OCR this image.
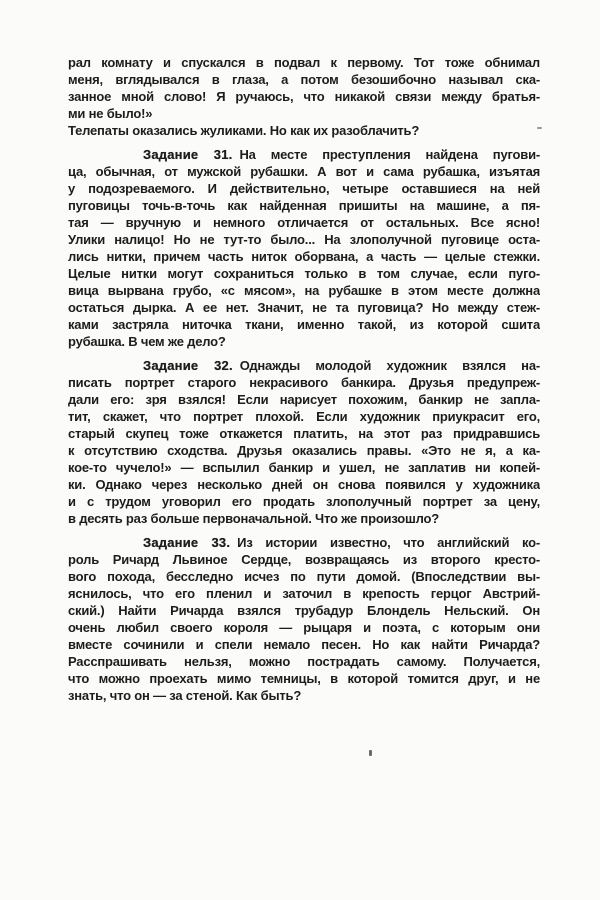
рал комнату и спускался в подвал к первому. Тот тоже обнимал
меня, вглядывался в глаза, а потом безошибочно называл ска-
занное мной слово! Я ручаюсь, что никакой связи между братья-
ми не было!»
Телепаты оказались жуликами. Но как их разоблачить?
Задание 31. На месте преступления найдена пугови-
ца, обычная, от мужской рубашки. А вот и сама рубашка, изъятая
у подозреваемого. И действительно, четыре оставшиеся на ней
пуговицы точь-в-точь как найденная пришиты на машине, а пя-
тая — вручную и немного отличается от остальных. Все ясно!
Улики налицо! Но не тут-то было... На злополучной пуговице оста-
лись нитки, причем часть ниток оборвана, а часть — целые стежки.
Целые нитки могут сохраниться только в том случае, если пуго-
вица вырвана грубо, «с мясом», на рубашке в этом месте должна
остаться дырка. А ее нет. Значит, не та пуговица? Но между стеж-
ками застряла ниточка ткани, именно такой, из которой сшита
рубашка. В чем же дело?
Задание 32. Однажды молодой художник взялся на-
писать портрет старого некрасивого банкира. Друзья предупреж-
дали его: зря взялся! Если нарисует похожим, банкир не запла-
тит, скажет, что портрет плохой. Если художник приукрасит его,
старый скупец тоже откажется платить, на этот раз придравшись
к отсутствию сходства. Друзья оказались правы. «Это не я, а ка-
кое-то чучело!» — вспылил банкир и ушел, не заплатив ни копей-
ки. Однако через несколько дней он снова появился у художника
и с трудом уговорил его продать злополучный портрет за цену,
в десять раз больше первоначальной. Что же произошло?
Задание 33. Из истории известно, что английский ко-
роль Ричард Львиное Сердце, возвращаясь из второго кресто-
вого похода, бесследно исчез по пути домой. (Впоследствии вы-
яснилось, что его пленил и заточил в крепость герцог Австрий-
ский.) Найти Ричарда взялся трубадур Блондель Нельский. Он
очень любил своего короля — рыцаря и поэта, с которым они
вместе сочинили и спели немало песен. Но как найти Ричарда?
Расспрашивать нельзя, можно пострадать самому. Получается,
что можно проехать мимо темницы, в которой томится друг, и не
знать, что он — за стеной. Как быть?
